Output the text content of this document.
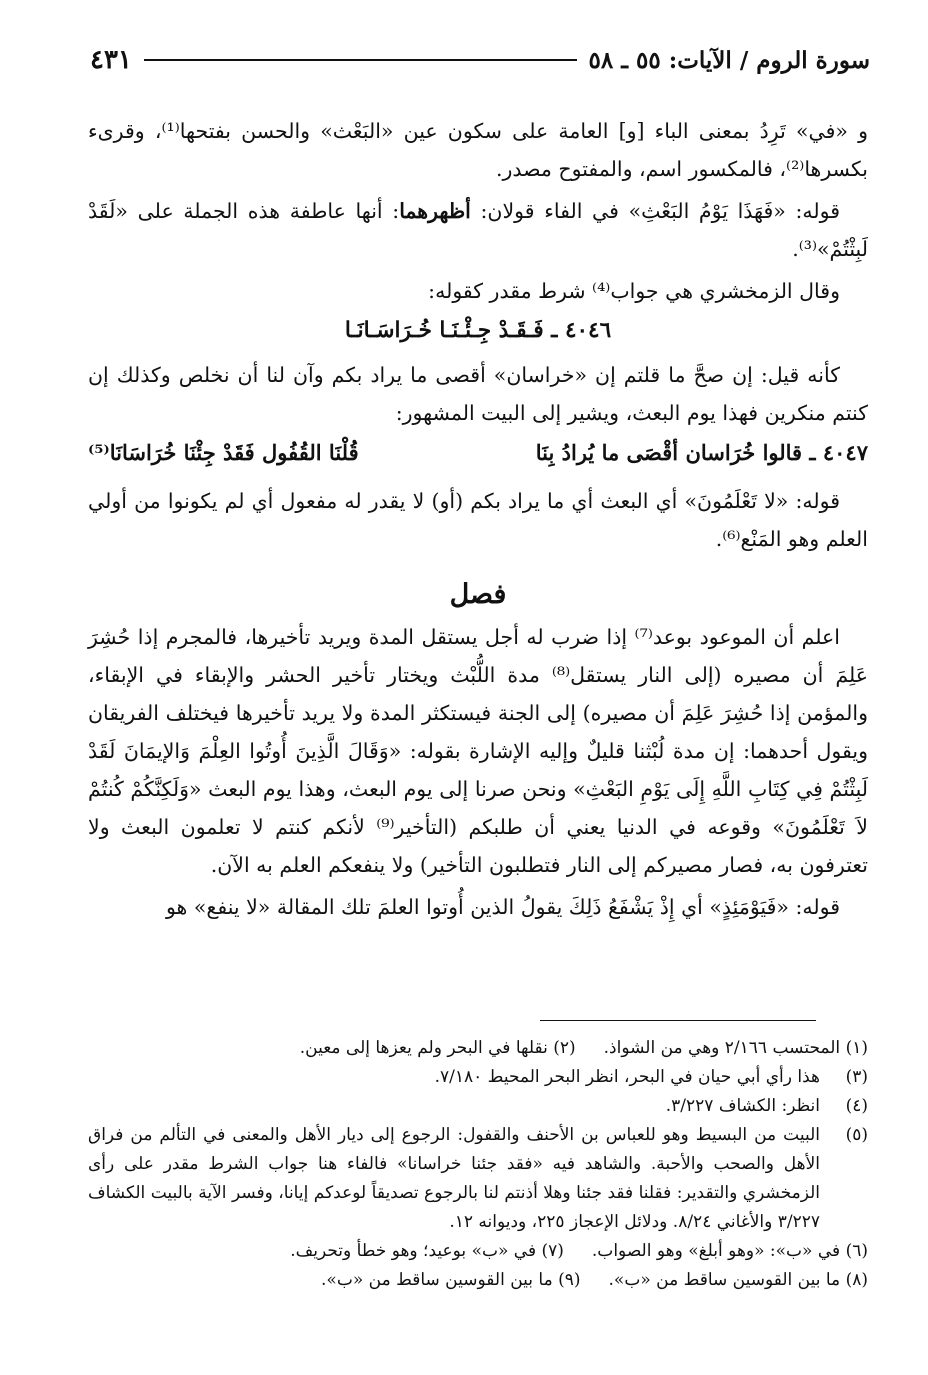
سورة الروم / الآيات: ٥٥ ـ ٥٨
٤٣١

و «في» تَرِدُ بمعنى الباء [و] العامة على سكون عين «البَعْث» والحسن بفتحها⁽¹⁾، وقرىء بكسرها⁽²⁾، فالمكسور اسم، والمفتوح مصدر.

قوله: «فَهَذَا يَوْمُ البَعْثِ» في الفاء قولان: أظهرهما: أنها عاطفة هذه الجملة على «لَقَدْ لَبِثْتُمْ»⁽³⁾.

وقال الزمخشري هي جواب⁽⁴⁾ شرط مقدر كقوله:

٤٠٤٦ ـ فَـقَـدْ جِـئْـنَـا خُـرَاسَـانَـا

كأنه قيل: إن صحَّ ما قلتم إن «خراسان» أقصى ما يراد بكم وآن لنا أن نخلص وكذلك إن كنتم منكرين فهذا يوم البعث، ويشير إلى البيت المشهور:

٤٠٤٧ ـ قالوا خُرَاسان أقْصَى ما يُرادُ بِنَا
قُلْنَا القُفُول فَقَدْ جِئْنَا خُرَاسَانَا⁽⁵⁾

قوله: «لا تَعْلَمُونَ» أي البعث أي ما يراد بكم (أو) لا يقدر له مفعول أي لم يكونوا من أولي العلم وهو المَنْع⁽⁶⁾.

فصل

اعلم أن الموعود بوعد⁽⁷⁾ إذا ضرب له أجل يستقل المدة ويريد تأخيرها، فالمجرم إذا حُشِرَ عَلِمَ أن مصيره (إلى النار يستقل⁽⁸⁾ مدة اللُّبْث ويختار تأخير الحشر والإبقاء في الإبقاء، والمؤمن إذا حُشِرَ عَلِمَ أن مصيره) إلى الجنة فيستكثر المدة ولا يريد تأخيرها فيختلف الفريقان ويقول أحدهما: إن مدة لُبْثنا قليلٌ وإليه الإشارة بقوله: «وَقَالَ الَّذِينَ أُوتُوا العِلْمَ وَالإيمَانَ لَقَدْ لَبِثْتُمْ فِي كِتَابِ اللَّهِ إِلَى يَوْمِ البَعْثِ» ونحن صرنا إلى يوم البعث، وهذا يوم البعث «وَلَكِنَّكُمْ كُنتُمْ لاَ تَعْلَمُونَ» وقوعه في الدنيا يعني أن طلبكم (التأخير⁽⁹⁾ لأنكم كنتم لا تعلمون البعث ولا تعترفون به، فصار مصيركم إلى النار فتطلبون التأخير) ولا ينفعكم العلم به الآن.

قوله: «فَيَوْمَئِذٍ» أي إِذْ يَشْفَعُ ذَلِكَ يقولُ الذين أُوتوا العلمَ تلك المقالة «لا ينفع» هو

(١) المحتسب ٢/١٦٦ وهي من الشواذ.
(٢) نقلها في البحر ولم يعزها إلى معين.

(٣)هذا رأي أبي حيان في البحر، انظر البحر المحيط ٧/١٨٠.

(٤)انظر: الكشاف ٣/٢٢٧.

(٥)البيت من البسيط وهو للعباس بن الأحنف والقفول: الرجوع إلى ديار الأهل والمعنى في التألم من فراق الأهل والصحب والأحبة. والشاهد فيه «فقد جئنا خراسانا» فالفاء هنا جواب الشرط مقدر على رأى الزمخشري والتقدير: فقلنا فقد جئنا وهلا أذنتم لنا بالرجوع تصديقاً لوعدكم إيانا، وفسر الآية بالبيت الكشاف ٣/٢٢٧ والأغاني ٨/٢٤. ودلائل الإعجاز ٢٢٥، وديوانه ١٢.

(٦) في «ب»: «وهو أبلغ» وهو الصواب.
(٧) في «ب» بوعيد؛ وهو خطأ وتحريف.
(٨) ما بين القوسين ساقط من «ب».
(٩) ما بين القوسين ساقط من «ب».
